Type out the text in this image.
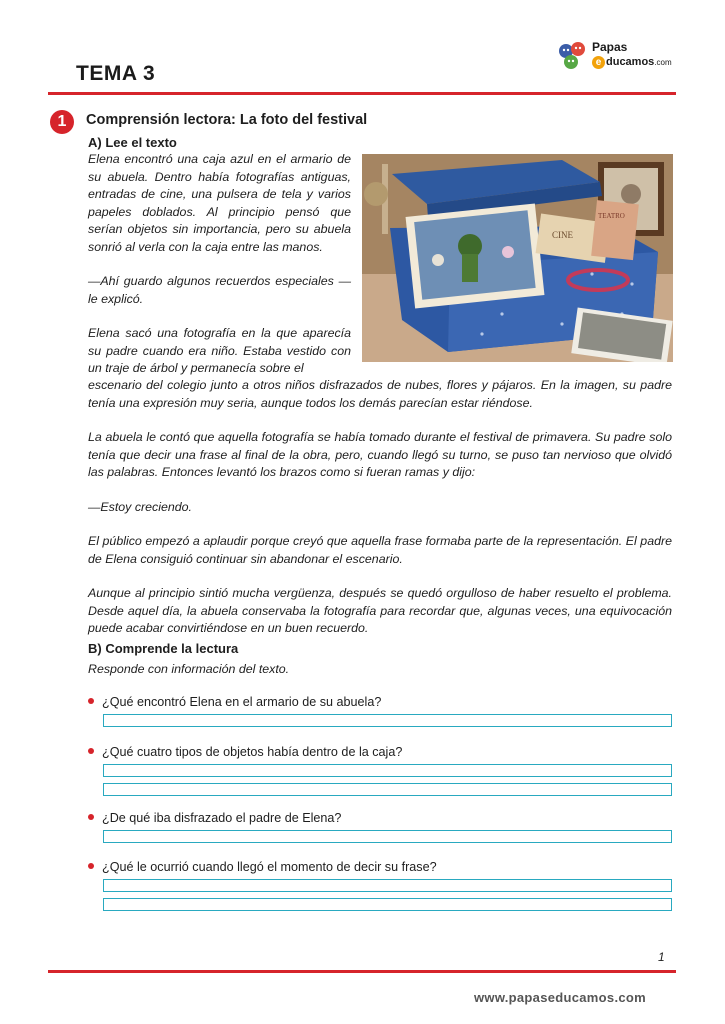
TEMA 3
Papas
e ducamos.com
1	Comprensión lectora: La foto del festival
A) Lee el texto

Elena encontró una caja azul en el armario de su abuela. Dentro había fotografías antiguas, entradas de cine, una pulsera de tela y varios papeles doblados. Al principio pensó que serían objetos sin importancia, pero su abuela sonrió al verla con la caja entre las manos.

—Ahí guardo algunos recuerdos especiales —le explicó.

Elena sacó una fotografía en la que aparecía su padre cuando era niño. Estaba vestido con un traje de árbol y permanecía sobre el

CINE
TEATRO

escenario del colegio junto a otros niños disfrazados de nubes, flores y pájaros. En la imagen, su padre tenía una expresión muy seria, aunque todos los demás parecían estar riéndose.

La abuela le contó que aquella fotografía se había tomado durante el festival de primavera. Su padre solo tenía que decir una frase al final de la obra, pero, cuando llegó su turno, se puso tan nervioso que olvidó las palabras. Entonces levantó los brazos como si fueran ramas y dijo:

—Estoy creciendo.

El público empezó a aplaudir porque creyó que aquella frase formaba parte de la representación. El padre de Elena consiguió continuar sin abandonar el escenario.

Aunque al principio sintió mucha vergüenza, después se quedó orgulloso de haber resuelto el problema. Desde aquel día, la abuela conservaba la fotografía para recordar que, algunas veces, una equivocación puede acabar convirtiéndose en un buen recuerdo.

B) Comprende la lectura
Responde con información del texto.
¿Qué encontró Elena en el armario de su abuela?
¿Qué cuatro tipos de objetos había dentro de la caja?
¿De qué iba disfrazado el padre de Elena?
¿Qué le ocurrió cuando llegó el momento de decir su frase?
1
www.papaseducamos.com
